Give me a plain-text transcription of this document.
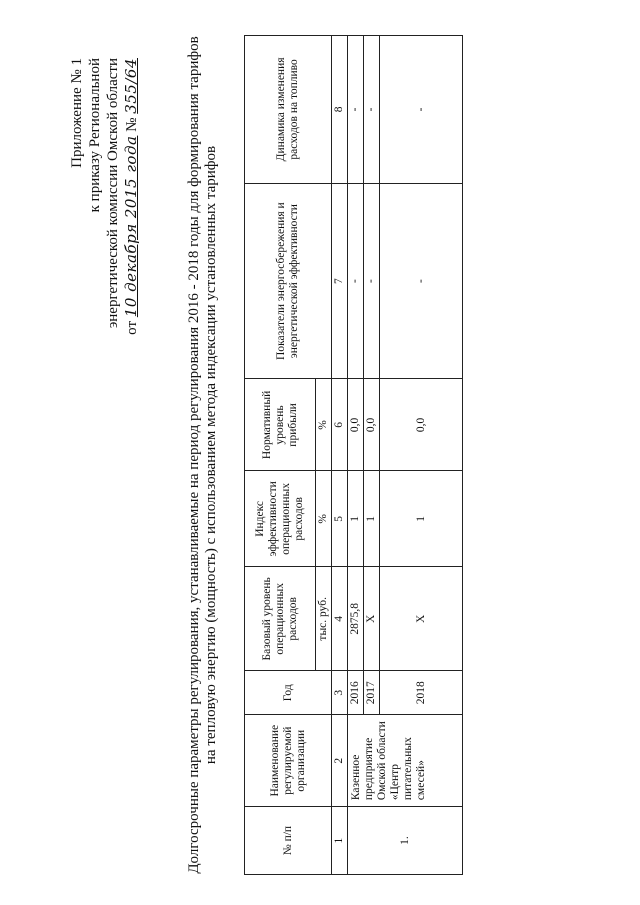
Приложение № 1 к приказу Региональной энергетической комиссии Омской области от 10 декабря 2015 года № 355/64	Долгосрочные параметры регулирования, устанавливаемые на период регулирования 2016 - 2018 годы для формирования тарифов на тепловую энергию (мощность) с использованием метода индексации установленных тарифов
№ п/п	Наименование регулируемой организации	Год	Базовый уровень операционных расходов	Индекс эффективности операционных расходов	Нормативный уровень прибыли	Показатели энергосбережения и энергетической эффективности	Динамика изменения расходов на топливо
			тыс. руб.	%	%		
1	2	3	4	5	6	7	8
1.	Казенное предприятие Омской области «Центр питательных смесей»	2016	2875,8	1	0,0	-	-
		2017	Х	1	0,0	-	-
		2018	Х	1	0,0	-	-
